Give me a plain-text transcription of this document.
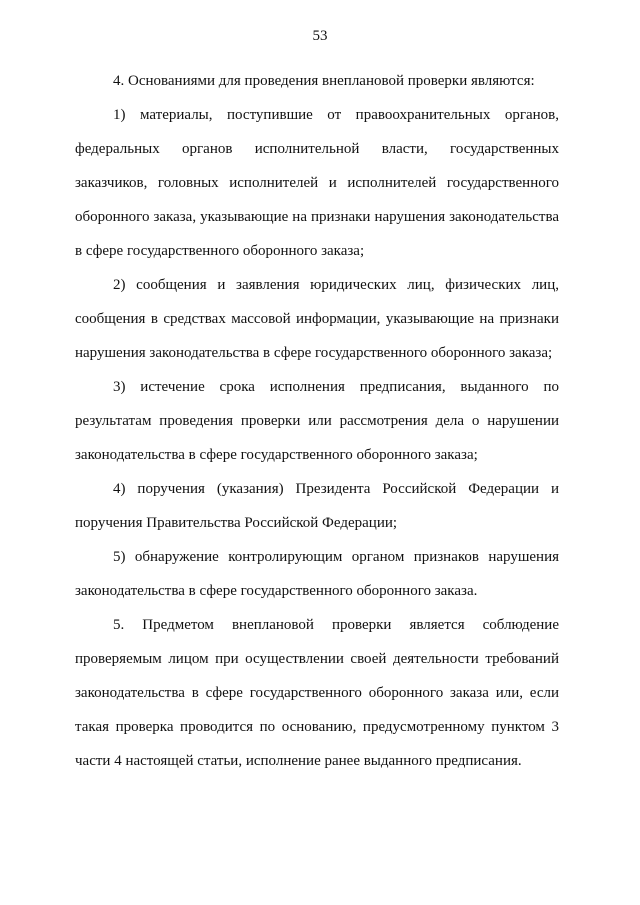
53

4. Основаниями для проведения внеплановой проверки являются:

1) материалы, поступившие от правоохранительных органов, федеральных органов исполнительной власти, государственных заказчиков, головных исполнителей и исполнителей государственного оборонного заказа, указывающие на признаки нарушения законодательства в сфере государственного оборонного заказа;

2) сообщения и заявления юридических лиц, физических лиц, сообщения в средствах массовой информации, указывающие на признаки нарушения законодательства в сфере государственного оборонного заказа;

3) истечение срока исполнения предписания, выданного по результатам проведения проверки или рассмотрения дела о нарушении законодательства в сфере государственного оборонного заказа;

4) поручения (указания) Президента Российской Федерации и поручения Правительства Российской Федерации;

5) обнаружение контролирующим органом признаков нарушения законодательства в сфере государственного оборонного заказа.

5. Предметом внеплановой проверки является соблюдение проверяемым лицом при осуществлении своей деятельности требований законодательства в сфере государственного оборонного заказа или, если такая проверка проводится по основанию, предусмотренному пунктом 3 части 4 настоящей статьи, исполнение ранее выданного предписания.
